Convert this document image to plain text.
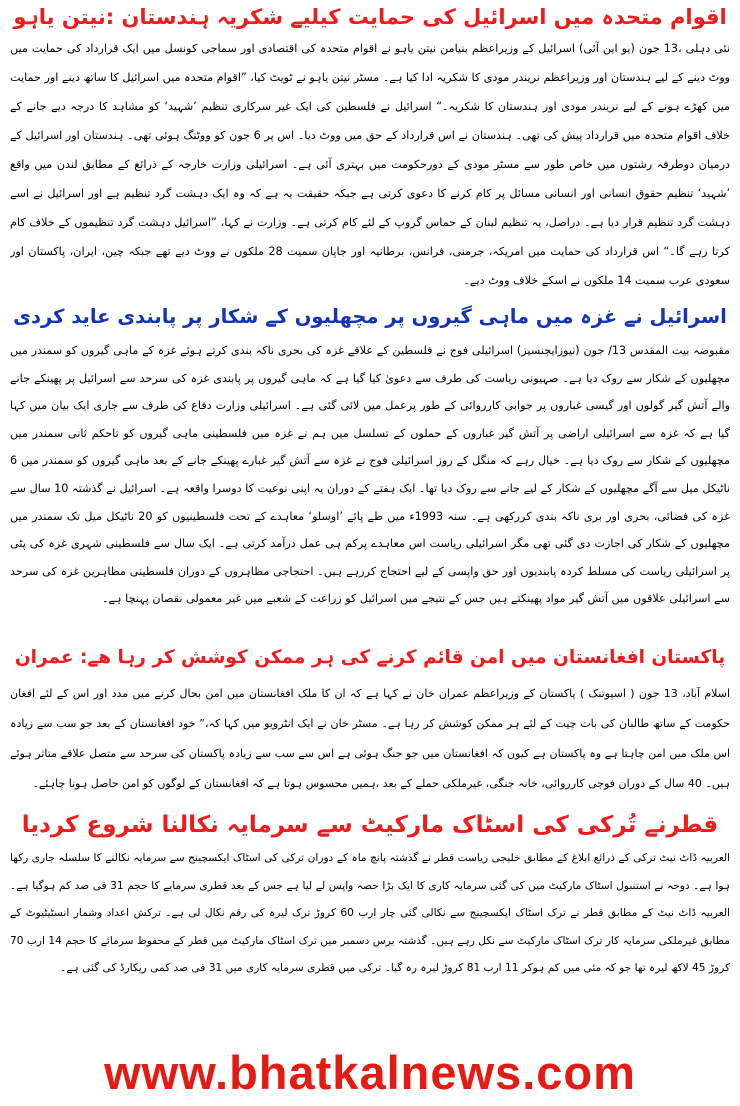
اقوام متحدہ میں اسرائیل کی حمایت کیلیے شکریہ ہندستان :نیتن یاہو

نئی دہلی ،13 جون (یو این آئی) اسرائیل کے وزیراعظم بنیامن نیتن یاہو نے اقوام متحدہ کی اقتصادی اور سماجی کونسل میں ایک قرارداد کی حمایت میں ووٹ دینے کے لیے ہندستان اور وزیراعظم نریندر مودی کا شکریہ ادا کیا ہے۔ مسٹر نیتن یاہو نے ٹویٹ کیا، ”اقوام متحدہ میں اسرائیل کا ساتھ دینے اور حمایت میں کھڑے ہونے کے لیے نریندر مودی اور ہندستان کا شکریہ۔“ اسرائیل نے فلسطین کی ایک غیر سرکاری تنظیم ’شہید‘ کو مشاہد کا درجہ دیے جانے کے خلاف اقوام متحدہ میں قرارداد پیش کی تھی۔ ہندستان نے اس قرارداد کے حق میں ووٹ دیا۔ اس پر 6 جون کو ووٹنگ ہوئی تھی۔ ہندستان اور اسرائیل کے درمیان دوطرفہ رشتوں میں خاص طور سے مسٹر مودی کے دورحکومت میں بہتری آئی ہے۔ اسرائیلی وزارت خارجہ کے ذرائع کے مطابق لندن میں واقع ’شہید‘ تنظیم حقوق انسانی اور انسانی مسائل پر کام کرنے کا دعوی کرتی ہے جبکہ حقیقت یہ ہے کہ وہ ایک دہشت گرد تنظیم ہے اور اسرائیل نے اسے دہشت گرد تنظیم قرار دیا ہے۔ دراصل، یہ تنظیم لبنان کے حماس گروپ کے لئے کام کرتی ہے۔ وزارت نے کہا، ”اسرائیل دہشت گرد تنظیموں کے خلاف کام کرتا رہے گا۔“ اس قرارداد کی حمایت میں امریکہ، جرمنی، فرانس، برطانیہ اور جاپان سمیت 28 ملکوں نے ووٹ دیے تھے جبکہ چین، ایران، پاکستان اور سعودی عرب سمیت 14 ملکوں نے اسکے خلاف ووٹ دیے۔

اسرائیل نے غزہ میں ماہی گیروں پر مچھلیوں کے شکار پر پابندی عاید کردی

مقبوضہ بیت المقدس 13/ جون (نیوزایجنسیز) اسرائیلی فوج نے فلسطین کے علاقے غزہ کی بحری ناکہ بندی کرتے ہوئے غزہ کے ماہی گیروں کو سمندر میں مچھلیوں کے شکار سے روک دیا ہے۔ صہیونی ریاست کی طرف سے دعویٰ کیا گیا ہے کہ ماہی گیروں پر پابندی غزہ کی سرحد سے اسرائیل پر پھینکے جانے والے آتش گیر گولوں اور گیسی غباروں پر جوابی کارروائی کے طور پرعمل میں لائی گئی ہے۔ اسرائیلی وزارت دفاع کی طرف سے جاری ایک بیان میں کہا گیا ہے کہ غزہ سے اسرائیلی اراضی پر آتش گیر غباروں کے حملوں کے تسلسل میں ہم نے غزہ میں فلسطینی ماہی گیروں کو تاحکم ثانی سمندر میں مچھلیوں کے شکار سے روک دیا ہے۔ خیال رہے کہ منگل کے روز اسرائیلی فوج نے غزہ سے آتش گیر غبارے پھینکے جانے کے بعد ماہی گیروں کو سمندر میں 6 ناٹیکل میل سے آگے مچھلیوں کے شکار کے لیے جانے سے روک دیا تھا۔ ایک ہفتے کے دوران یہ اپنی نوعیت کا دوسرا واقعہ ہے۔ اسرائیل نے گذشتہ 10 سال سے غزہ کی فضائی، بحری اور بری ناکہ بندی کررکھی ہے۔ سنہ 1993ء میں طے پائے ’اوسلو‘ معاہدے کے تحت فلسطینیوں کو 20 ناٹیکل میل تک سمندر میں مچھلیوں کے شکار کی اجازت دی گئی تھی مگر اسرائیلی ریاست اس معاہدے پرکم ہی عمل درآمد کرتی ہے۔ ایک سال سے فلسطینی شہری غزہ کی پٹی پر اسرائیلی ریاست کی مسلط کردہ پابندیوں اور حق واپسی کے لیے احتجاج کررہے ہیں۔ احتجاجی مظاہروں کے دوران فلسطینی مظاہرین غزہ کی سرحد سے اسرائیلی علاقوں میں آتش گیر مواد پھینکتے ہیں جس کے نتیجے میں اسرائیل کو زراعت کے شعبے میں غیر معمولی نقصان پہنچا ہے۔

پاکستان افغانستان میں امن قائم کرنے کی ہر ممکن کوشش کر رہا ھے: عمران

اسلام آباد، 13 جون ( اسپوتنک ) پاکستان کے وزیراعظم عمران خان نے کہا ہے کہ ان کا ملک افغانستان میں امن بحال کرنے میں مدد اور اس کے لئے افغان حکومت کے ساتھ طالبان کی بات چیت کے لئے ہر ممکن کوشش کر رہا ہے۔ مسٹر خان نے ایک انٹرویو میں کہا کہ،” خود افغانستان کے بعد جو سب سے زیادہ اس ملک میں امن چاہتا ہے وہ پاکستان ہے کیوں کہ افغانستان میں جو جنگ ہوئی ہے اس سے سب سے زیادہ پاکستان کی سرحد سے متصل علاقے متاثر ہوئے ہیں۔ 40 سال کے دوران فوجی کارروائی، خانہ جنگی، غیرملکی حملے کے بعد ،ہمیں محسوس ہوتا ہے کہ افغانستان کے لوگوں کو امن حاصل ہونا چاہئے۔

قطرنے تُرکی کی اسٹاک مارکیٹ سے سرمایہ نکالنا شروع کردیا

العربیہ ڈاٹ نیٹ ترکی کے ذرائع ابلاغ کے مطابق خلیجی ریاست قطر نے گذشتہ پانچ ماہ کے دوران ترکی کی اسٹاک ایکسچینج سے سرمایہ نکالنے کا سلسلہ جاری رکھا ہوا ہے۔ دوحہ نے استنبول اسٹاک مارکیٹ میں کی گئی سرمایہ کاری کا ایک بڑا حصہ واپس لے لیا ہے جس کے بعد قطری سرمایے کا حجم 31 فی صد کم ہوگیا ہے۔ العربیہ ڈاٹ نیٹ کے مطابق قطر نے ترک اسٹاک ایکسچینج سے نکالی گئی چار ارب 60 کروڑ ترک لیرہ کی رقم نکال لی ہے۔ ترکش اعداد وشمار انسٹیٹیوٹ کے مطابق غیرملکی سرمایہ کار ترک اسٹاک مارکیٹ سے نکل رہے ہیں۔ گذشتہ برس دسمبر میں ترک اسٹاک مارکیٹ میں قطر کے محفوظ سرمائے کا حجم 14 ارب 70 کروڑ 45 لاکھ لیرہ تھا جو کہ مئی میں کم ہوکر 11 ارب 81 کروڑ لیرہ رہ گیا۔ ترکی میں قطری سرمایہ کاری میں 31 فی صد کمی ریکارڈ کی گئی ہے۔

www.bhatkalnews.com
